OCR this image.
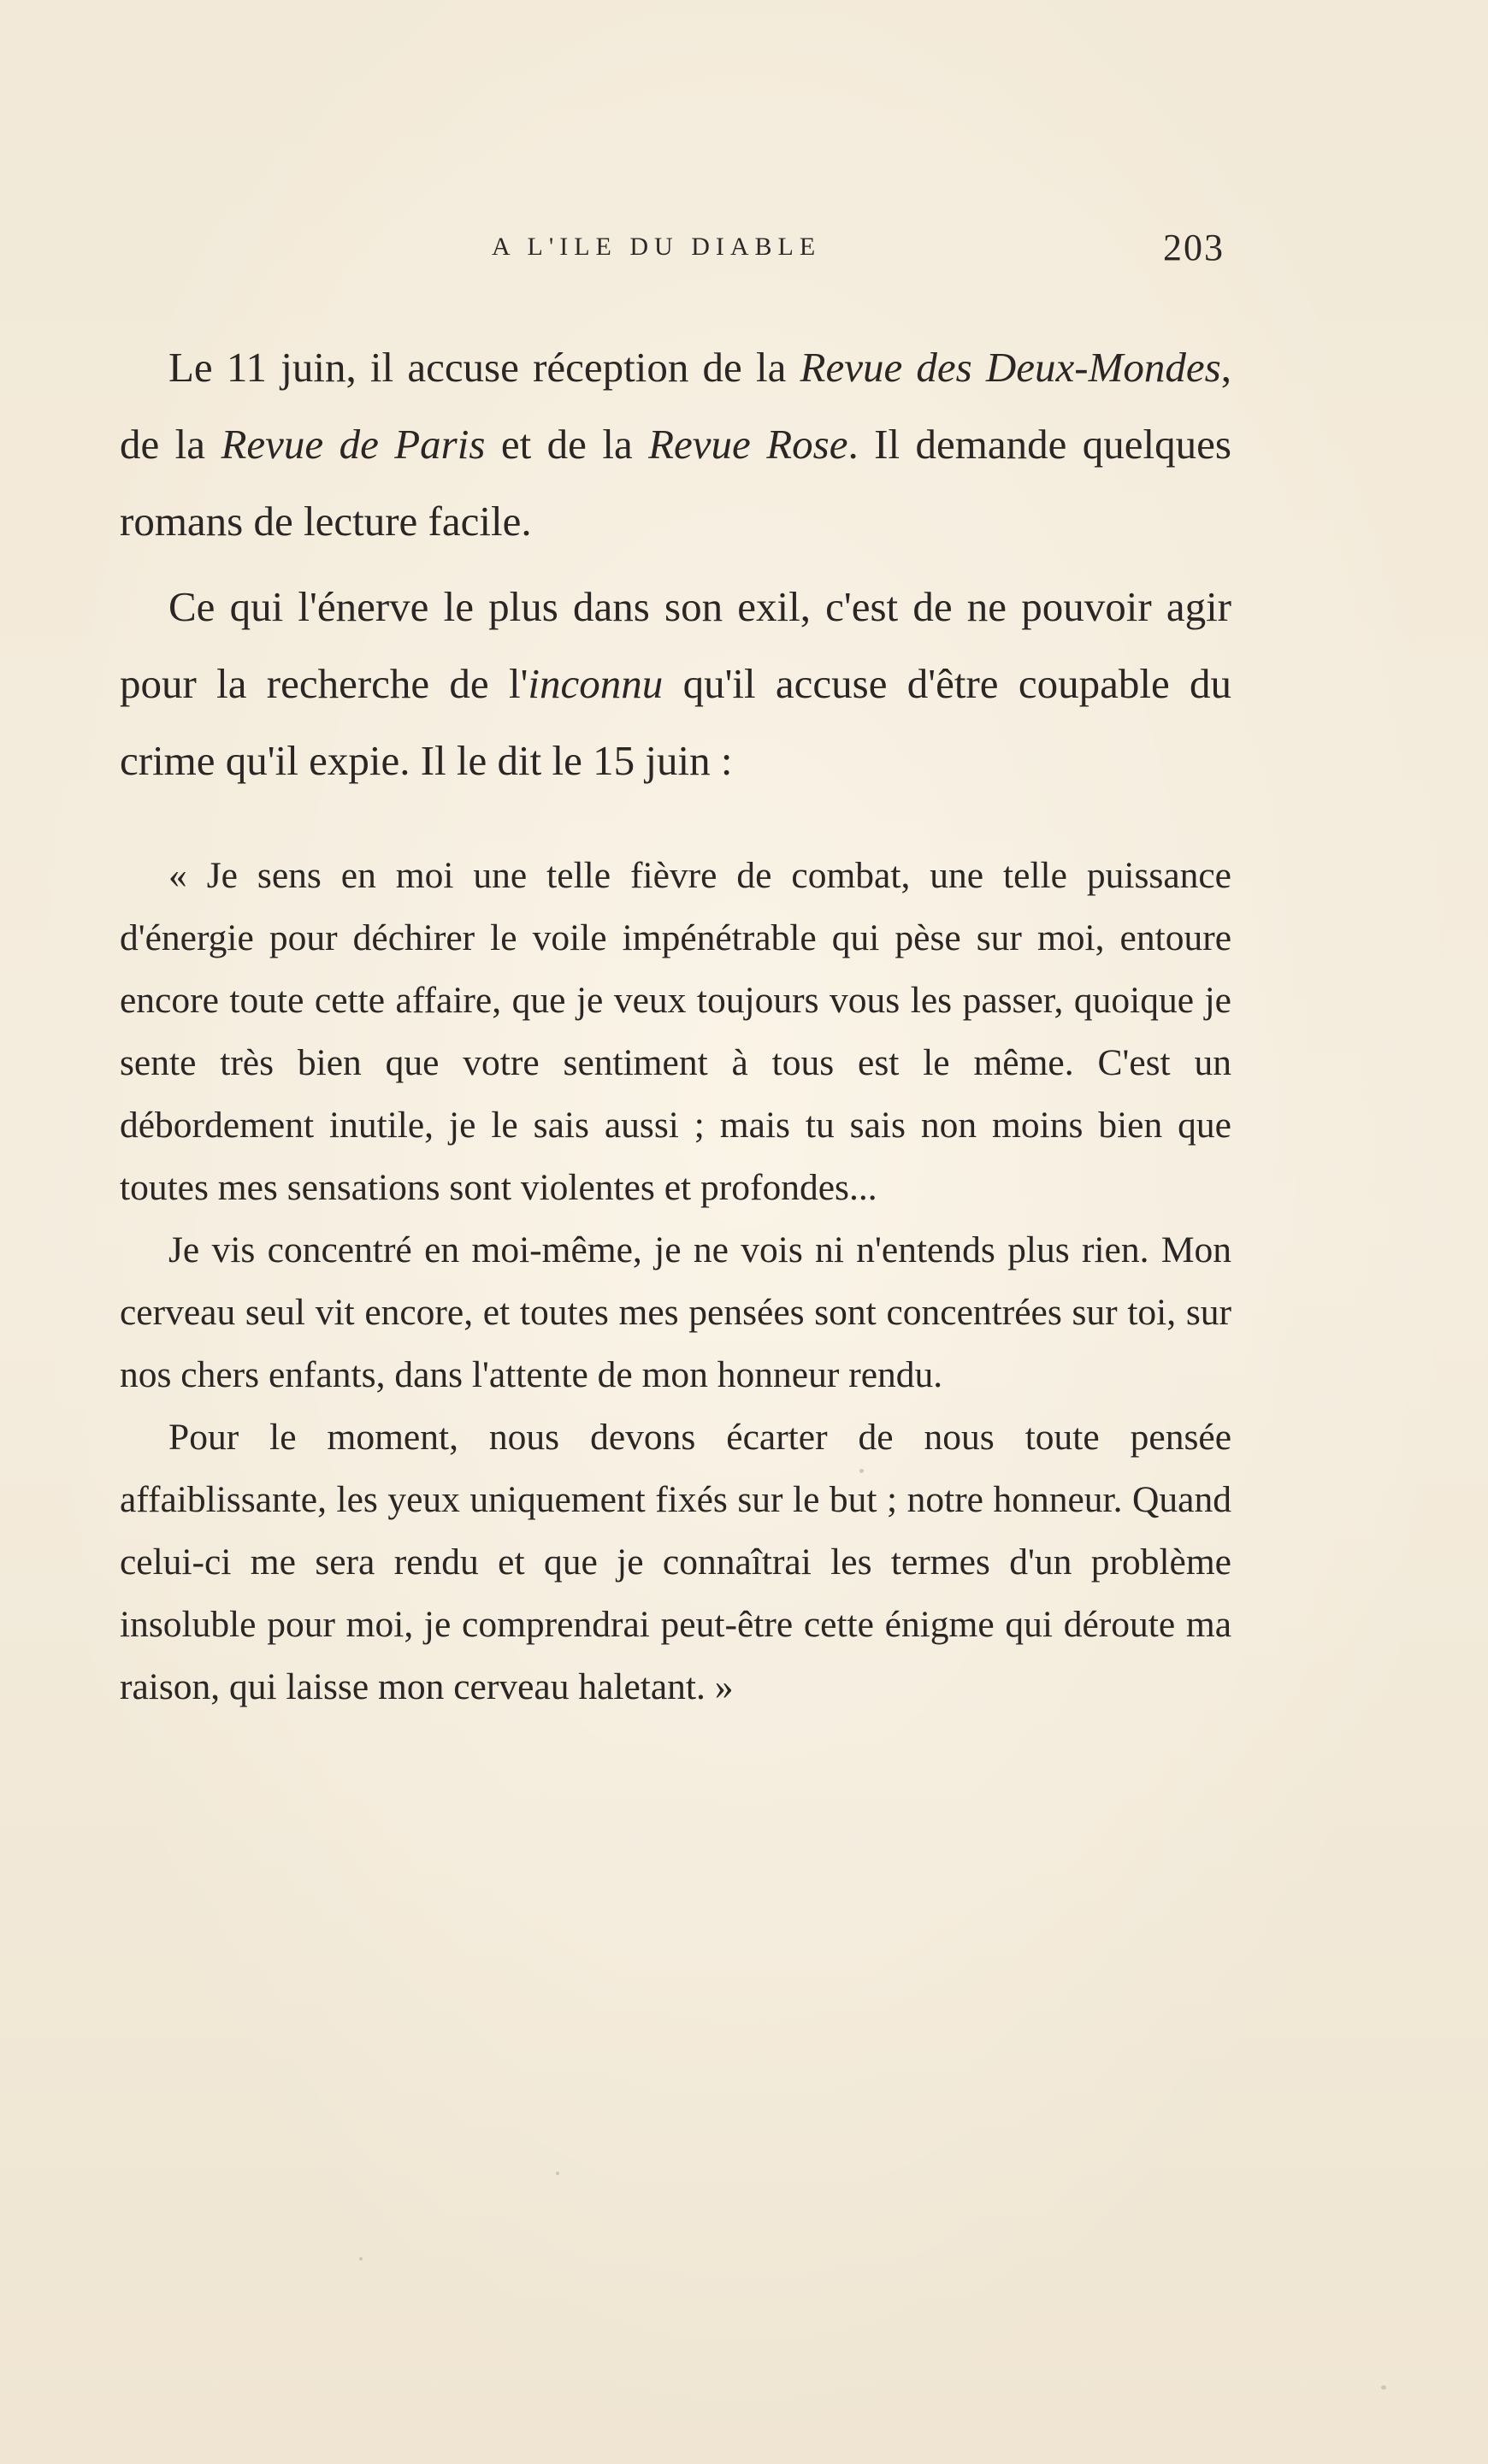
A L'ILE DU DIABLE	203

Le 11 juin, il accuse réception de la Revue des Deux-Mondes, de la Revue de Paris et de la Revue Rose. Il demande quelques romans de lecture facile.

Ce qui l'énerve le plus dans son exil, c'est de ne pouvoir agir pour la recherche de l'inconnu qu'il accuse d'être coupable du crime qu'il expie. Il le dit le 15 juin :

« Je sens en moi une telle fièvre de combat, une telle puissance d'énergie pour déchirer le voile impénétrable qui pèse sur moi, entoure encore toute cette affaire, que je veux toujours vous les passer, quoique je sente très bien que votre sentiment à tous est le même. C'est un débordement inutile, je le sais aussi ; mais tu sais non moins bien que toutes mes sensations sont violentes et profondes...

Je vis concentré en moi-même, je ne vois ni n'entends plus rien. Mon cerveau seul vit encore, et toutes mes pensées sont concentrées sur toi, sur nos chers enfants, dans l'attente de mon honneur rendu.

Pour le moment, nous devons écarter de nous toute pensée affaiblissante, les yeux uniquement fixés sur le but ; notre honneur. Quand celui-ci me sera rendu et que je connaîtrai les termes d'un problème insoluble pour moi, je comprendrai peut-être cette énigme qui déroute ma raison, qui laisse mon cerveau haletant. »
